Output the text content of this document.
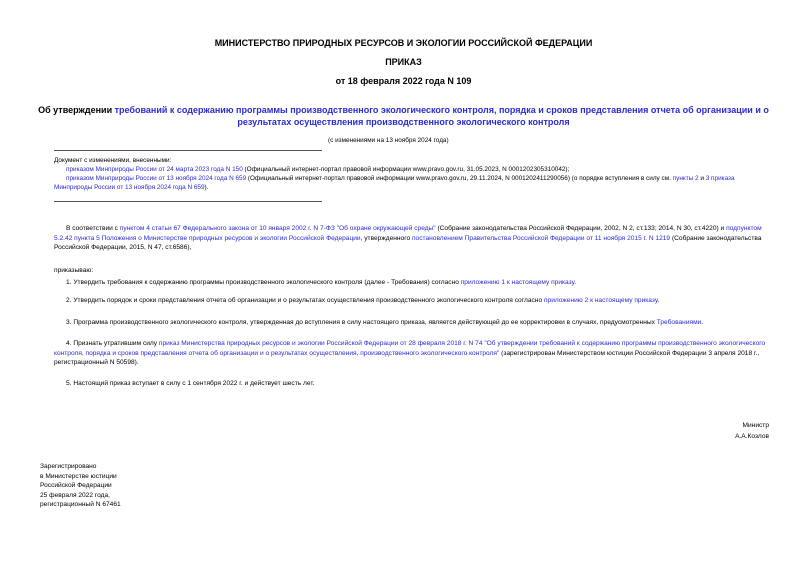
МИНИСТЕРСТВО ПРИРОДНЫХ РЕСУРСОВ И ЭКОЛОГИИ РОССИЙСКОЙ ФЕДЕРАЦИИ
ПРИКАЗ
от 18 февраля 2022 года N 109
Об утверждении требований к содержанию программы производственного экологического контроля, порядка и сроков представления отчета об организации и о результатах осуществления производственного экологического контроля
(с изменениями на 13 ноября 2024 года)
Документ с изменениями, внесенными:
приказом Минприроды России от 24 марта 2023 года N 150 (Официальный интернет-портал правовой информации www.pravo.gov.ru, 31.05.2023, N 0001202305310042);
приказом Минприроды России от 13 ноября 2024 года N 659 (Официальный интернет-портал правовой информации www.pravo.gov.ru, 29.11.2024, N 0001202411290056) (о порядке вступления в силу см. пункты 2 и 3 приказа Минприроды России от 13 ноября 2024 года N 659).
В соответствии с пунктом 4 статьи 67 Федерального закона от 10 января 2002 г. N 7-ФЗ "Об охране окружающей среды" (Собрание законодательства Российской Федерации, 2002, N 2, ст.133; 2014, N 30, ст.4220) и подпунктом 5.2.42 пункта 5 Положения о Министерстве природных ресурсов и экологии Российской Федерации, утвержденного постановлением Правительства Российской Федерации от 11 ноября 2015 г. N 1219 (Собрание законодательства Российской Федерации, 2015, N 47, ст.6586),
приказываю:
1. Утвердить требования к содержанию программы производственного экологического контроля (далее - Требования) согласно приложению 1 к настоящему приказу.
2. Утвердить порядок и сроки представления отчета об организации и о результатах осуществления производственного экологического контроля согласно приложению 2 к настоящему приказу.
3. Программа производственного экологического контроля, утвержденная до вступления в силу настоящего приказа, является действующей до ее корректировки в случаях, предусмотренных Требованиями.
4. Признать утратившим силу приказ Министерства природных ресурсов и экологии Российской Федерации от 28 февраля 2018 г. N 74 "Об утверждении требований к содержанию программы производственного экологического контроля, порядка и сроков представления отчета об организации и о результатах осуществления, производственного экологического контроля" (зарегистрирован Министерством юстиции Российской Федерации 3 апреля 2018 г., регистрационный N 50598).
5. Настоящий приказ вступает в силу с 1 сентября 2022 г. и действует шесть лет.
Министр
А.А.Козлов
Зарегистрировано
в Министерстве юстиции
Российской Федерации
25 февраля 2022 года,
регистрационный N 67461
